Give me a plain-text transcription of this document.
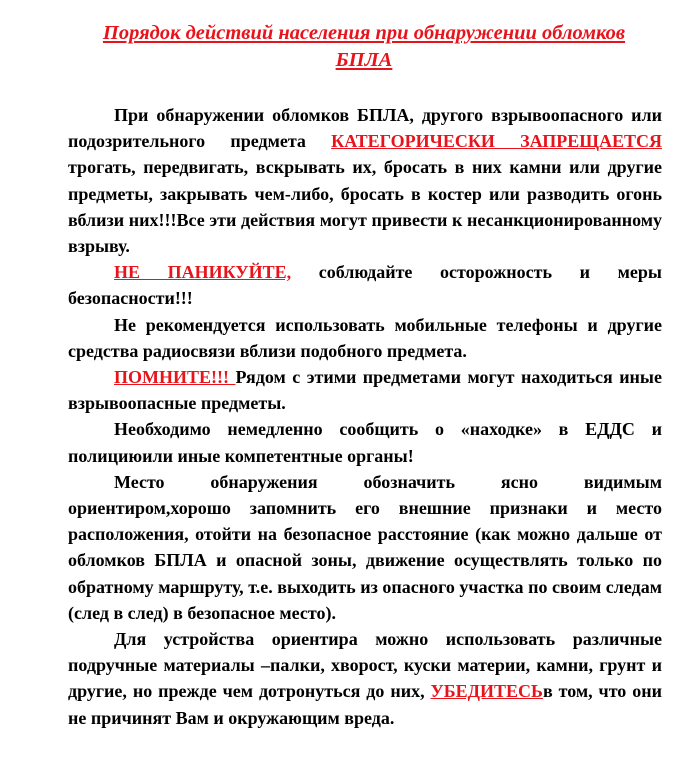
Порядок действий населения при обнаружении обломков
БПЛА

При обнаружении обломков БПЛА, другого взрывоопасного или подозрительного предмета КАТЕГОРИЧЕСКИ ЗАПРЕЩАЕТСЯ трогать, передвигать, вскрывать их, бросать в них камни или другие предметы, закрывать чем-либо, бросать в костер или разводить огонь вблизи них!!!Все эти действия могут привести к несанкционированному взрыву.

НЕ ПАНИКУЙТЕ, соблюдайте осторожность и меры безопасности!!!

Не рекомендуется использовать мобильные телефоны и другие средства радиосвязи вблизи подобного предмета.

ПОМНИТЕ!!! Рядом с этими предметами могут находиться иные взрывоопасные предметы.

Необходимо немедленно сообщить о «находке» в ЕДДС и полициюили иные компетентные органы!

Место обнаружения обозначить ясно видимым ориентиром,хорошо запомнить его внешние признаки и место расположения, отойти на безопасное расстояние (как можно дальше от обломков БПЛА и опасной зоны, движение осуществлять только по обратному маршруту, т.е. выходить из опасного участка по своим следам (след в след) в безопасное место).

Для устройства ориентира можно использовать различные подручные материалы –палки, хворост, куски материи, камни, грунт и другие, но прежде чем дотронуться до них, УБЕДИТЕСЬв том, что они не причинят Вам и окружающим вреда.
